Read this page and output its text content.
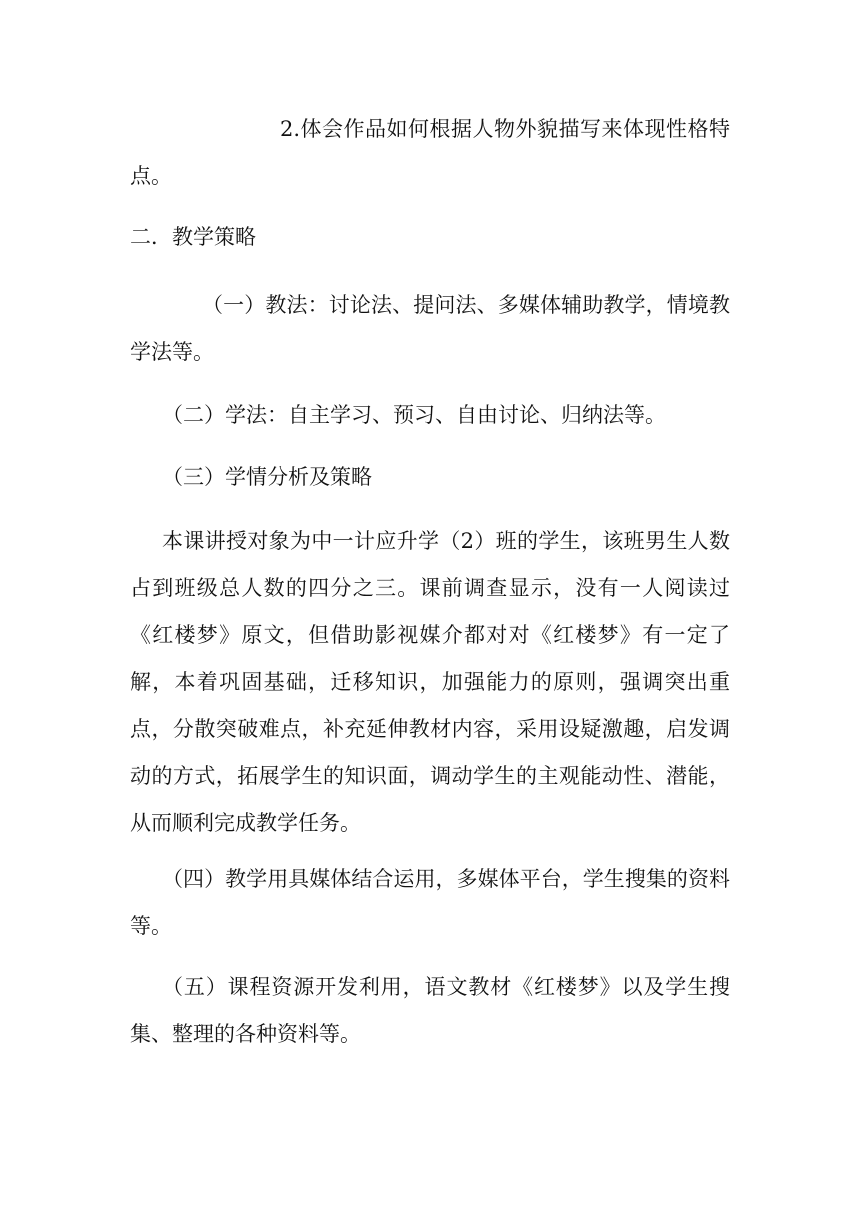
2.体会作品如何根据人物外貌描写来体现性格特点。

二．教学策略

（一）教法：讨论法、提问法、多媒体辅助教学，情境教学法等。

（二）学法：自主学习、预习、自由讨论、归纳法等。

（三）学情分析及策略

本课讲授对象为中一计应升学（2）班的学生，该班男生人数占到班级总人数的四分之三。课前调查显示，没有一人阅读过《红楼梦》原文，但借助影视媒介都对对《红楼梦》有一定了解，本着巩固基础，迁移知识，加强能力的原则，强调突出重点，分散突破难点，补充延伸教材内容，采用设疑激趣，启发调动的方式，拓展学生的知识面，调动学生的主观能动性、潜能，从而顺利完成教学任务。

（四）教学用具媒体结合运用，多媒体平台，学生搜集的资料等。

（五）课程资源开发利用，语文教材《红楼梦》以及学生搜集、整理的各种资料等。
